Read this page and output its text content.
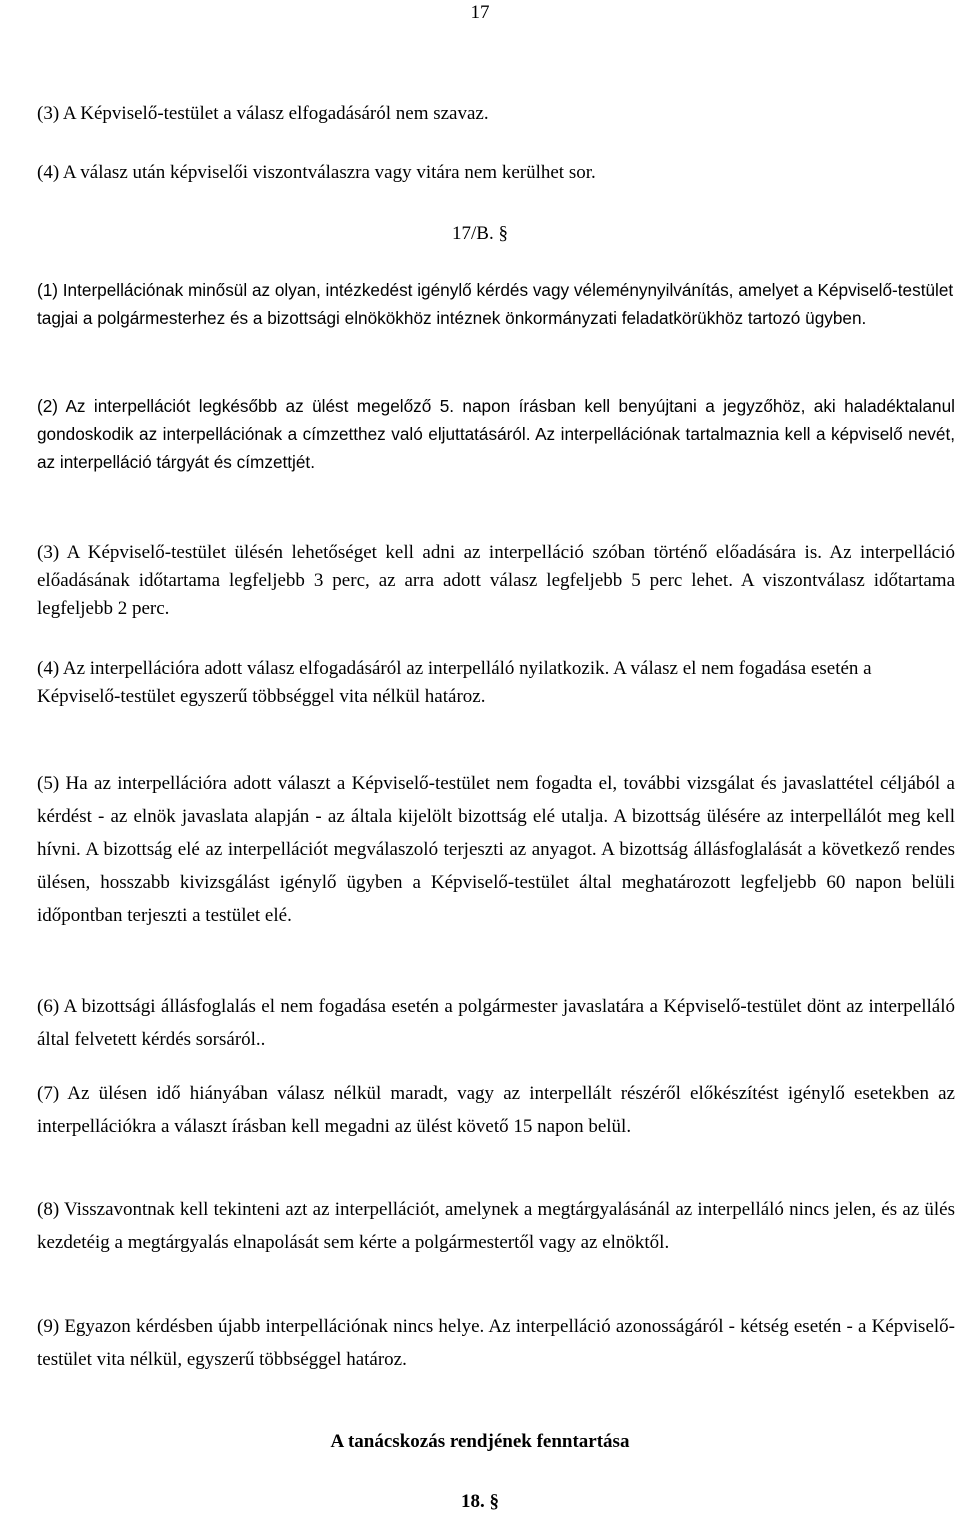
17

(3) A Képviselő-testület a válasz elfogadásáról nem szavaz.

(4) A válasz után képviselői viszontválaszra vagy vitára nem kerülhet sor.

17/B. §

(1) Interpellációnak minősül az olyan, intézkedést igénylő kérdés vagy véleménynyilvánítás, amelyet a Képviselő-testület tagjai a polgármesterhez és a bizottsági elnökökhöz intéznek önkormányzati feladatkörükhöz tartozó ügyben.

(2) Az interpellációt legkésőbb az ülést megelőző 5. napon írásban kell benyújtani a jegyzőhöz, aki haladéktalanul gondoskodik az interpellációnak a címzetthez való eljuttatásáról. Az interpellációnak tartalmaznia kell a képviselő nevét, az interpelláció tárgyát és címzettjét.

(3) A Képviselő-testület ülésén lehetőséget kell adni az interpelláció szóban történő előadására is. Az interpelláció előadásának időtartama legfeljebb 3 perc, az arra adott válasz legfeljebb 5 perc lehet. A viszontválasz időtartama legfeljebb 2 perc.

(4) Az interpellációra adott válasz elfogadásáról az interpelláló nyilatkozik. A válasz el nem fogadása esetén a Képviselő-testület egyszerű többséggel vita nélkül határoz.

(5) Ha az interpellációra adott választ a Képviselő-testület nem fogadta el, további vizsgálat és javaslattétel céljából a kérdést - az elnök javaslata alapján - az általa kijelölt bizottság elé utalja. A bizottság ülésére az interpellálót meg kell hívni. A bizottság elé az interpellációt megválaszoló terjeszti az anyagot. A bizottság állásfoglalását a következő rendes ülésen, hosszabb kivizsgálást igénylő ügyben a Képviselő-testület által meghatározott legfeljebb 60 napon belüli időpontban terjeszti a testület elé.

(6) A bizottsági állásfoglalás el nem fogadása esetén a polgármester javaslatára a Képviselő-testület dönt az interpelláló által felvetett kérdés sorsáról..

(7) Az ülésen idő hiányában válasz nélkül maradt, vagy az interpellált részéről előkészítést igénylő esetekben az interpellációkra a választ írásban kell megadni az ülést követő 15 napon belül.

(8) Visszavontnak kell tekinteni azt az interpellációt, amelynek a megtárgyalásánál az interpelláló nincs jelen, és az ülés kezdetéig a megtárgyalás elnapolását sem kérte a polgármestertől vagy az elnöktől.

(9) Egyazon kérdésben újabb interpellációnak nincs helye. Az interpelláció azonosságáról - kétség esetén - a Képviselő-testület vita nélkül, egyszerű többséggel határoz.

A tanácskozás rendjének fenntartása
18. §
